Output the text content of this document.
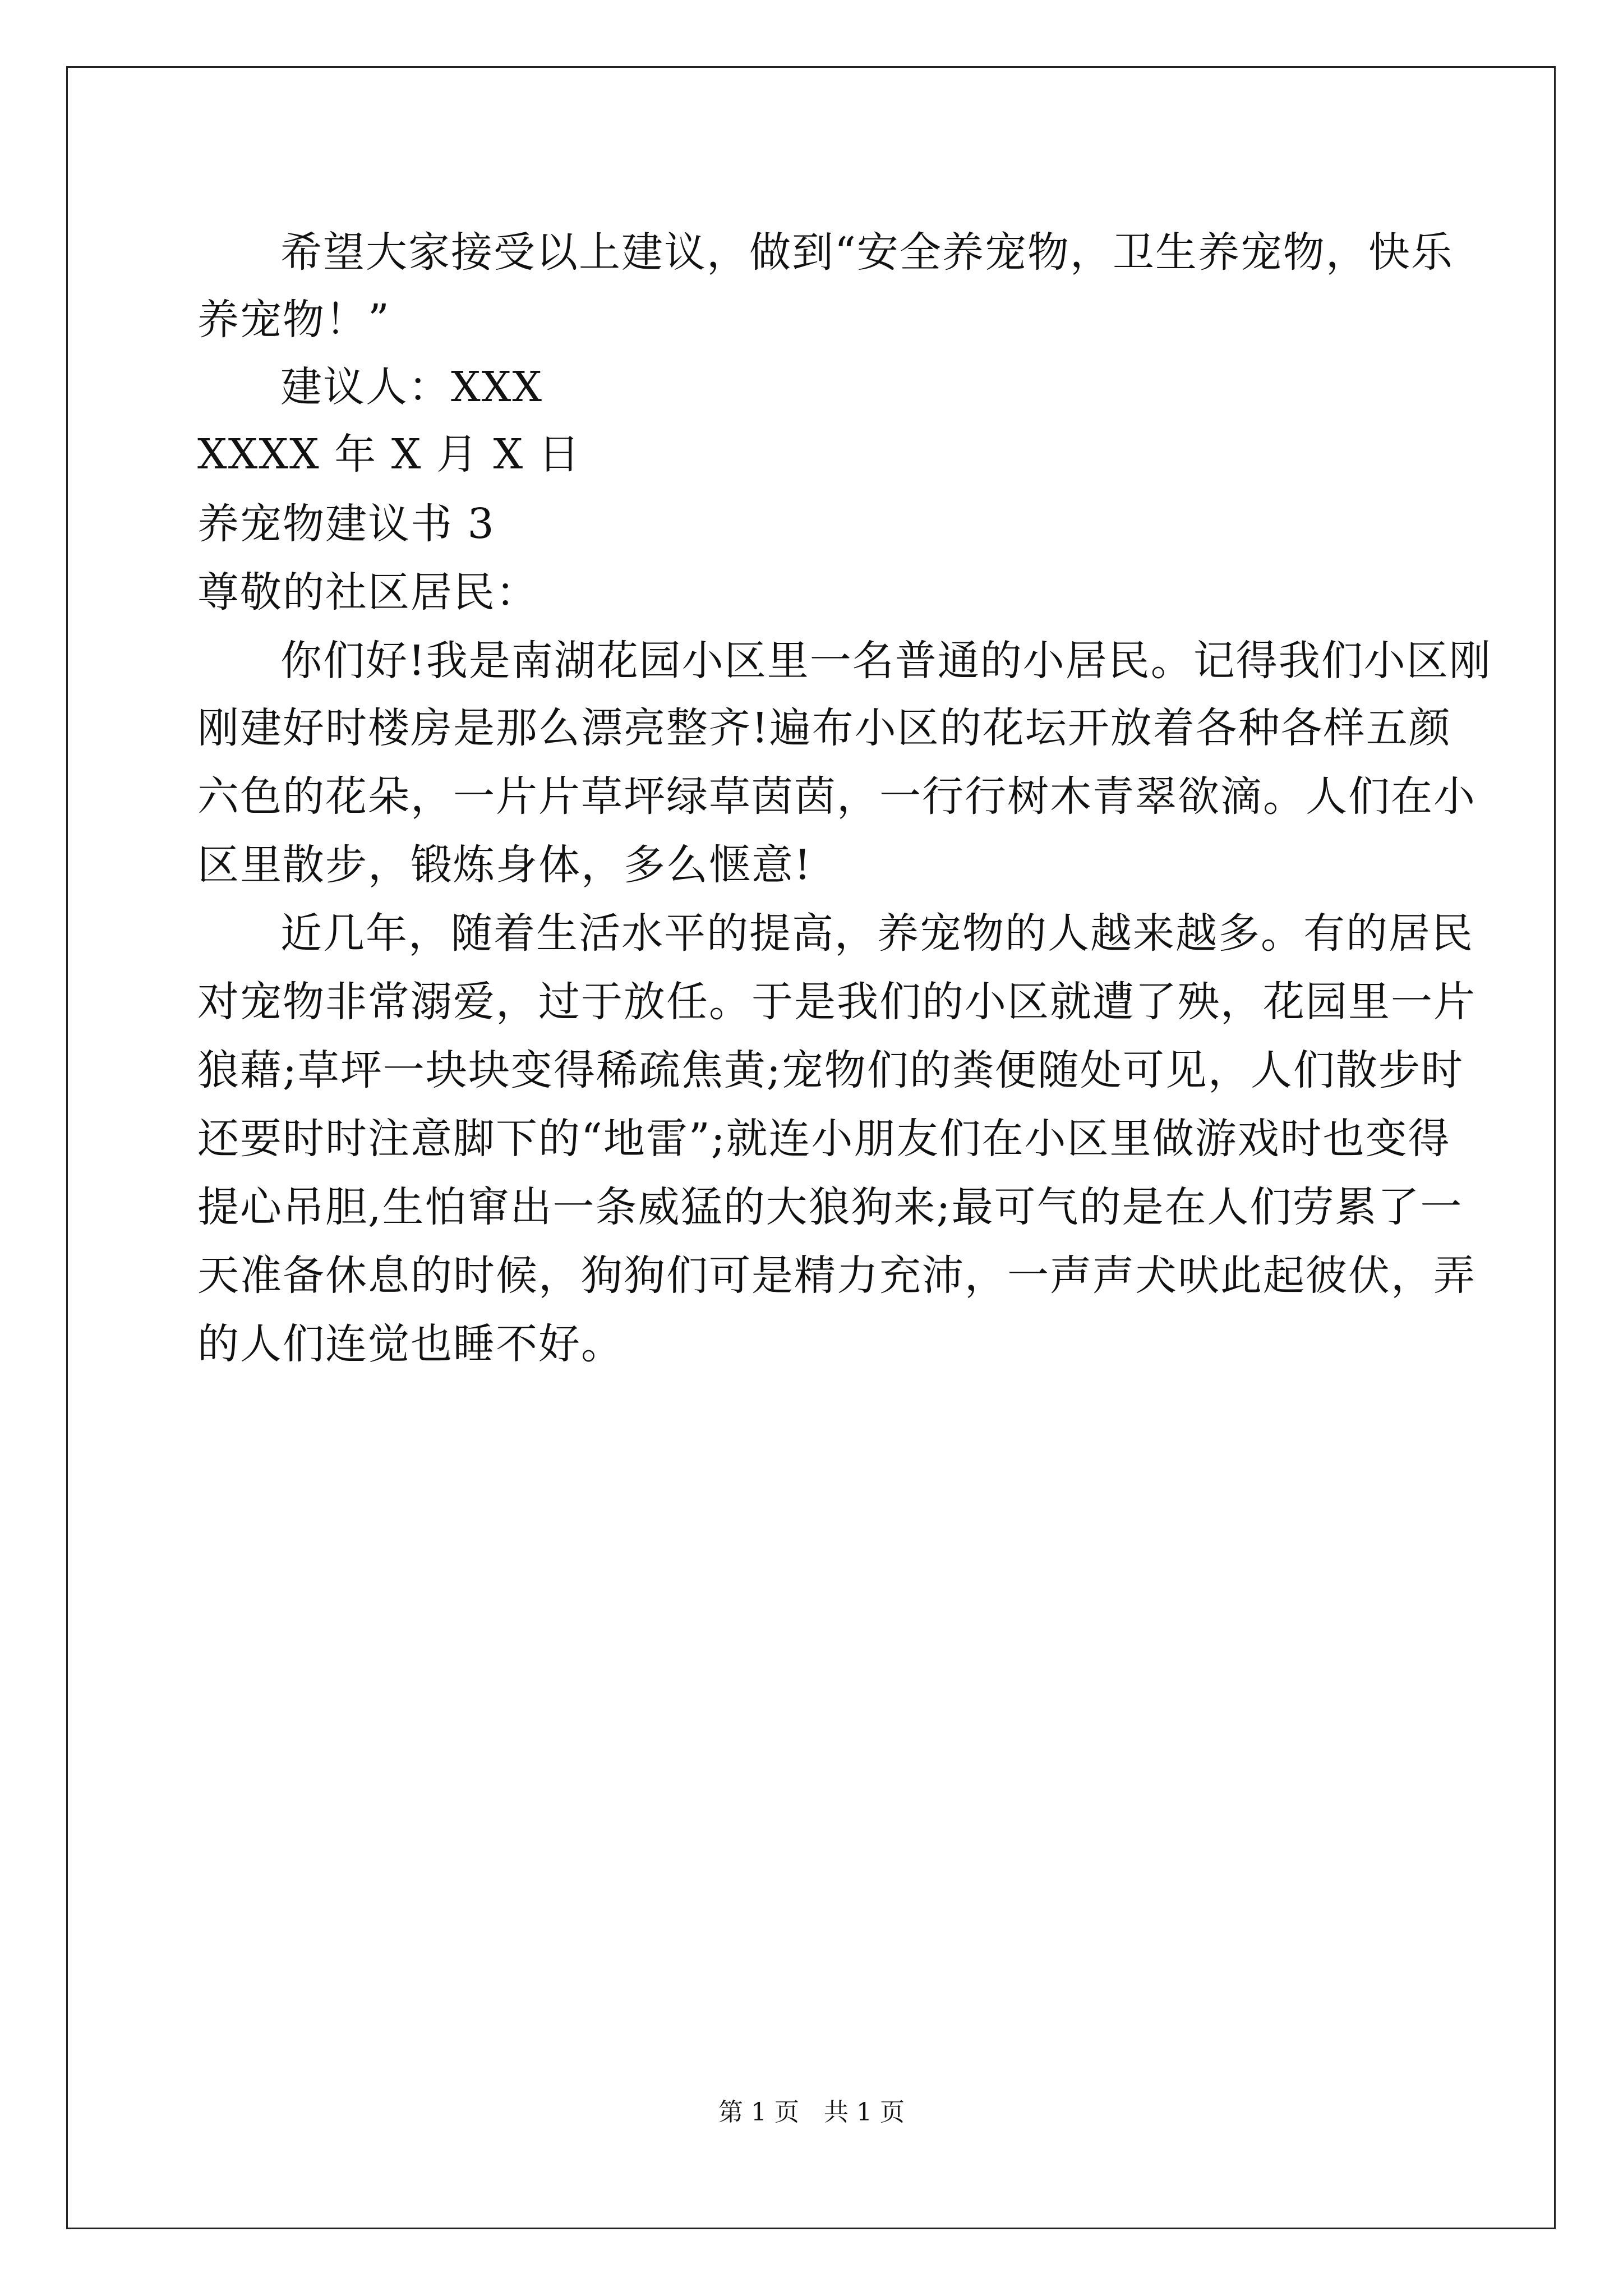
希望大家接受以上建议，做到“安全养宠物，卫生养宠物，快乐
养宠物！”
建议人：XXX
XXXX 年 X 月 X 日
养宠物建议书 3
尊敬的社区居民：
你们好!我是南湖花园小区里一名普通的小居民。记得我们小区刚
刚建好时楼房是那么漂亮整齐!遍布小区的花坛开放着各种各样五颜
六色的花朵，一片片草坪绿草茵茵，一行行树木青翠欲滴。人们在小
区里散步，锻炼身体，多么惬意!
近几年，随着生活水平的提高，养宠物的人越来越多。有的居民
对宠物非常溺爱，过于放任。于是我们的小区就遭了殃，花园里一片
狼藉;草坪一块块变得稀疏焦黄;宠物们的粪便随处可见，人们散步时
还要时时注意脚下的“地雷”;就连小朋友们在小区里做游戏时也变得
提心吊胆,生怕窜出一条威猛的大狼狗来;最可气的是在人们劳累了一
天准备休息的时候，狗狗们可是精力充沛，一声声犬吠此起彼伏，弄
的人们连觉也睡不好。
第 1 页　共 1 页
